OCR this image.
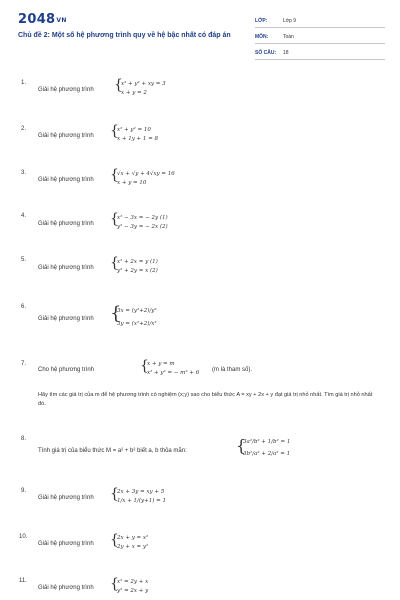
2048VN
Chủ đề 2: Một số hệ phương trình quy về hệ bậc nhất có đáp án
LỚP:	Lớp 9
MÔN:	Toán
SỐ CÂU: 18
1.
Giải hệ phương trình {
x² + y² + xy = 3
x + y = 2
2.
Giải hệ phương trình {
x² + y² = 10
x + 1y + 1 = 8
3.
Giải hệ phương trình {
√x + √y + 4√xy = 16
x + y = 10
4.
Giải hệ phương trình {
x² − 3x = − 2y (1)
y² − 3y = − 2x (2)
5.
Giải hệ phương trình {
x² + 2x = y (1)
y² + 2y = x (2)
6.
Giải hệ phương trình {
3x = (y²+2)/y²
3y = (x²+2)/x²
7.
Cho hệ phương trình	{
x + y = m
x² + y² = − m² + 6 (m là tham số).
Hãy tìm các giá trị của m để hệ phương trình có nghiệm (x;y) sao cho biểu thức A = xy + 2x + y đạt giá trị nhỏ nhất. Tìm giá trị nhỏ nhất đó.
8.
Tính giá trị của biểu thức M = a² + b² biết a, b thỏa mãn:	{
3a²/b² + 1/b² = 1
3b²/a² + 2/a² = 1
9.
Giải hệ phương trình {
2x + 3y = xy + 5
1/x + 1/(y+1) = 1
10.
Giải hệ phương trình {
2x + y = x²
2y + x = y²
11.
Giải hệ phương trình {
x² = 2y + x
y² = 2x + y
